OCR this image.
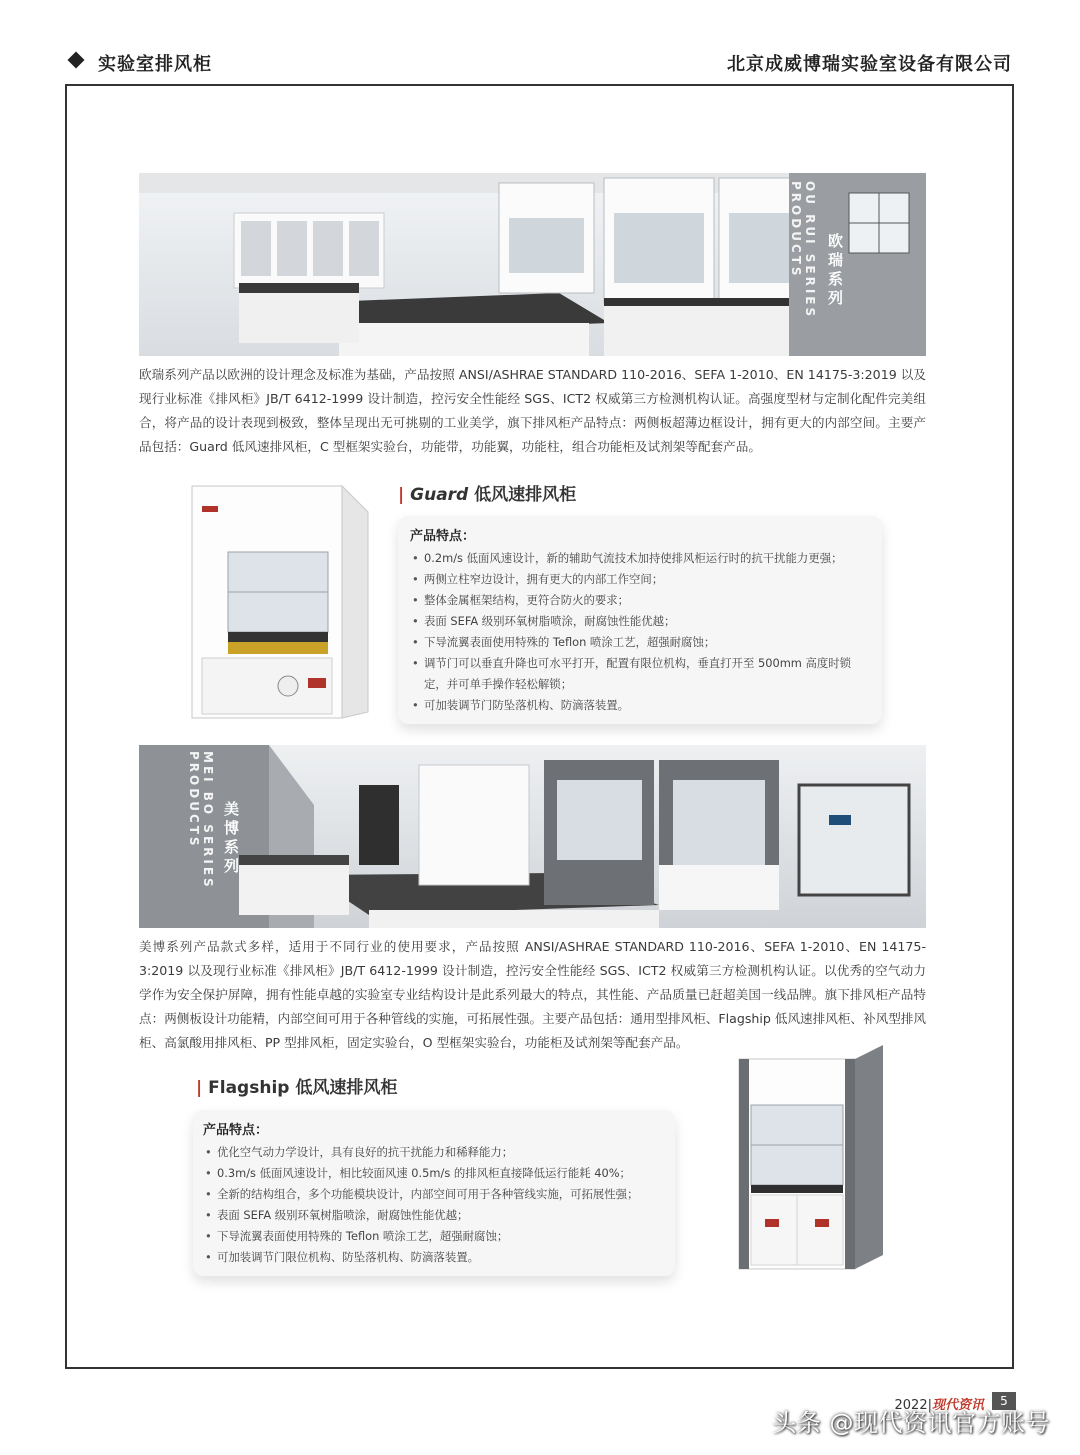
实验室排风柜	北京成威博瑞实验室设备有限公司
OU RUI SERIES PRODUCTS	欧瑞系列
欧瑞系列产品以欧洲的设计理念及标准为基础，产品按照 ANSI/ASHRAE STANDARD 110-2016、SEFA 1-2010、EN 14175-3:2019 以及现行业标准《排风柜》JB/T 6412-1999 设计制造，控污安全性能经 SGS、ICT2 权威第三方检测机构认证。高强度型材与定制化配件完美组合，将产品的设计表现到极致，整体呈现出无可挑剔的工业美学，旗下排风柜产品特点：两侧板超薄边框设计，拥有更大的内部空间。主要产品包括：Guard 低风速排风柜，C 型框架实验台，功能带，功能翼，功能柱，组合功能柜及试剂架等配套产品。
| Guard 低风速排风柜
产品特点：
• 0.2m/s 低面风速设计，新的辅助气流技术加持使排风柜运行时的抗干扰能力更强；
• 两侧立柱窄边设计，拥有更大的内部工作空间；
• 整体金属框架结构，更符合防火的要求；
• 表面 SEFA 级别环氧树脂喷涂，耐腐蚀性能优越；
• 下导流翼表面使用特殊的 Teflon 喷涂工艺，超强耐腐蚀；
• 调节门可以垂直升降也可水平打开，配置有限位机构，垂直打开至 500mm 高度时锁定，并可单手操作轻松解锁；
• 可加装调节门防坠落机构、防滴落装置。
MEI BO SERIES PRODUCTS	美博系列
美博系列产品款式多样，适用于不同行业的使用要求，产品按照 ANSI/ASHRAE STANDARD 110-2016、SEFA 1-2010、EN 14175-3:2019 以及现行业标准《排风柜》JB/T 6412-1999 设计制造，控污安全性能经 SGS、ICT2 权威第三方检测机构认证。以优秀的空气动力学作为安全保护屏障，拥有性能卓越的实验室专业结构设计是此系列最大的特点，其性能、产品质量已赶超美国一线品牌。旗下排风柜产品特点：两侧板设计功能精，内部空间可用于各种管线的实施，可拓展性强。主要产品包括：通用型排风柜、Flagship 低风速排风柜、补风型排风柜、高氯酸用排风柜、PP 型排风柜，固定实验台，O 型框架实验台，功能柜及试剂架等配套产品。
| Flagship 低风速排风柜
产品特点：
• 优化空气动力学设计，具有良好的抗干扰能力和稀释能力；
• 0.3m/s 低面风速设计，相比较面风速 0.5m/s 的排风柜直接降低运行能耗 40%；
• 全新的结构组合，多个功能模块设计，内部空间可用于各种管线实施，可拓展性强；
• 表面 SEFA 级别环氧树脂喷涂，耐腐蚀性能优越；
• 下导流翼表面使用特殊的 Teflon 喷涂工艺，超强耐腐蚀；
• 可加装调节门限位机构、防坠落机构、防滴落装置。
2022|现代资讯	5
头条 @现代资讯官方账号
